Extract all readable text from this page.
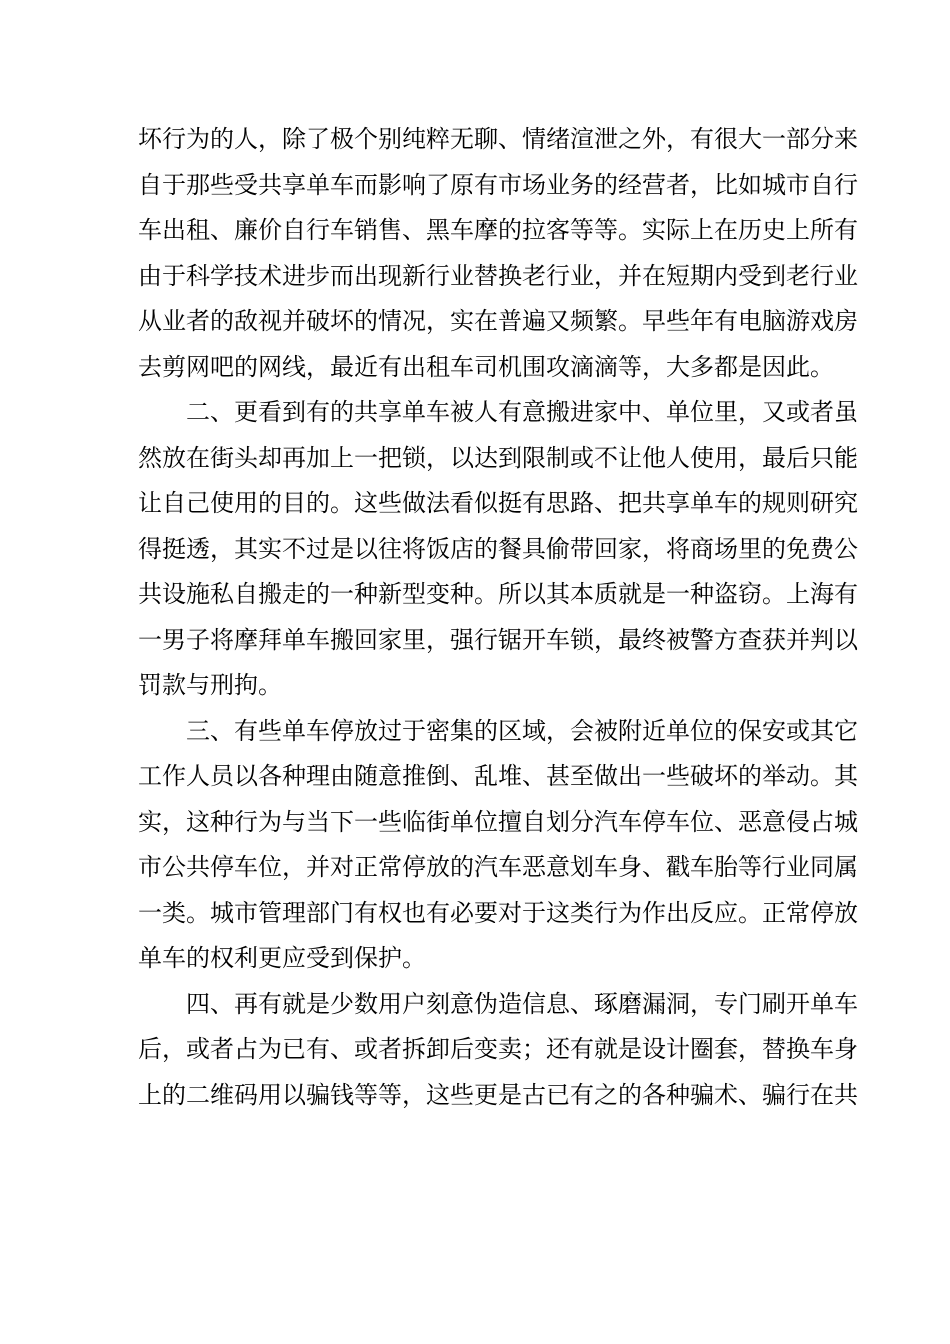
坏行为的人，除了极个别纯粹无聊、情绪渲泄之外，有很大一部分来
自于那些受共享单车而影响了原有市场业务的经营者，比如城市自行
车出租、廉价自行车销售、黑车摩的拉客等等。实际上在历史上所有
由于科学技术进步而出现新行业替换老行业，并在短期内受到老行业
从业者的敌视并破坏的情况，实在普遍又频繁。早些年有电脑游戏房
去剪网吧的网线，最近有出租车司机围攻滴滴等，大多都是因此。
二、更看到有的共享单车被人有意搬进家中、单位里，又或者虽
然放在街头却再加上一把锁，以达到限制或不让他人使用，最后只能
让自己使用的目的。这些做法看似挺有思路、把共享单车的规则研究
得挺透，其实不过是以往将饭店的餐具偷带回家，将商场里的免费公
共设施私自搬走的一种新型变种。所以其本质就是一种盗窃。上海有
一男子将摩拜单车搬回家里，强行锯开车锁，最终被警方查获并判以
罚款与刑拘。
三、有些单车停放过于密集的区域，会被附近单位的保安或其它
工作人员以各种理由随意推倒、乱堆、甚至做出一些破坏的举动。其
实，这种行为与当下一些临街单位擅自划分汽车停车位、恶意侵占城
市公共停车位，并对正常停放的汽车恶意划车身、戳车胎等行业同属
一类。城市管理部门有权也有必要对于这类行为作出反应。正常停放
单车的权利更应受到保护。
四、再有就是少数用户刻意伪造信息、琢磨漏洞，专门刷开单车
后，或者占为已有、或者拆卸后变卖；还有就是设计圈套，替换车身
上的二维码用以骗钱等等，这些更是古已有之的各种骗术、骗行在共
